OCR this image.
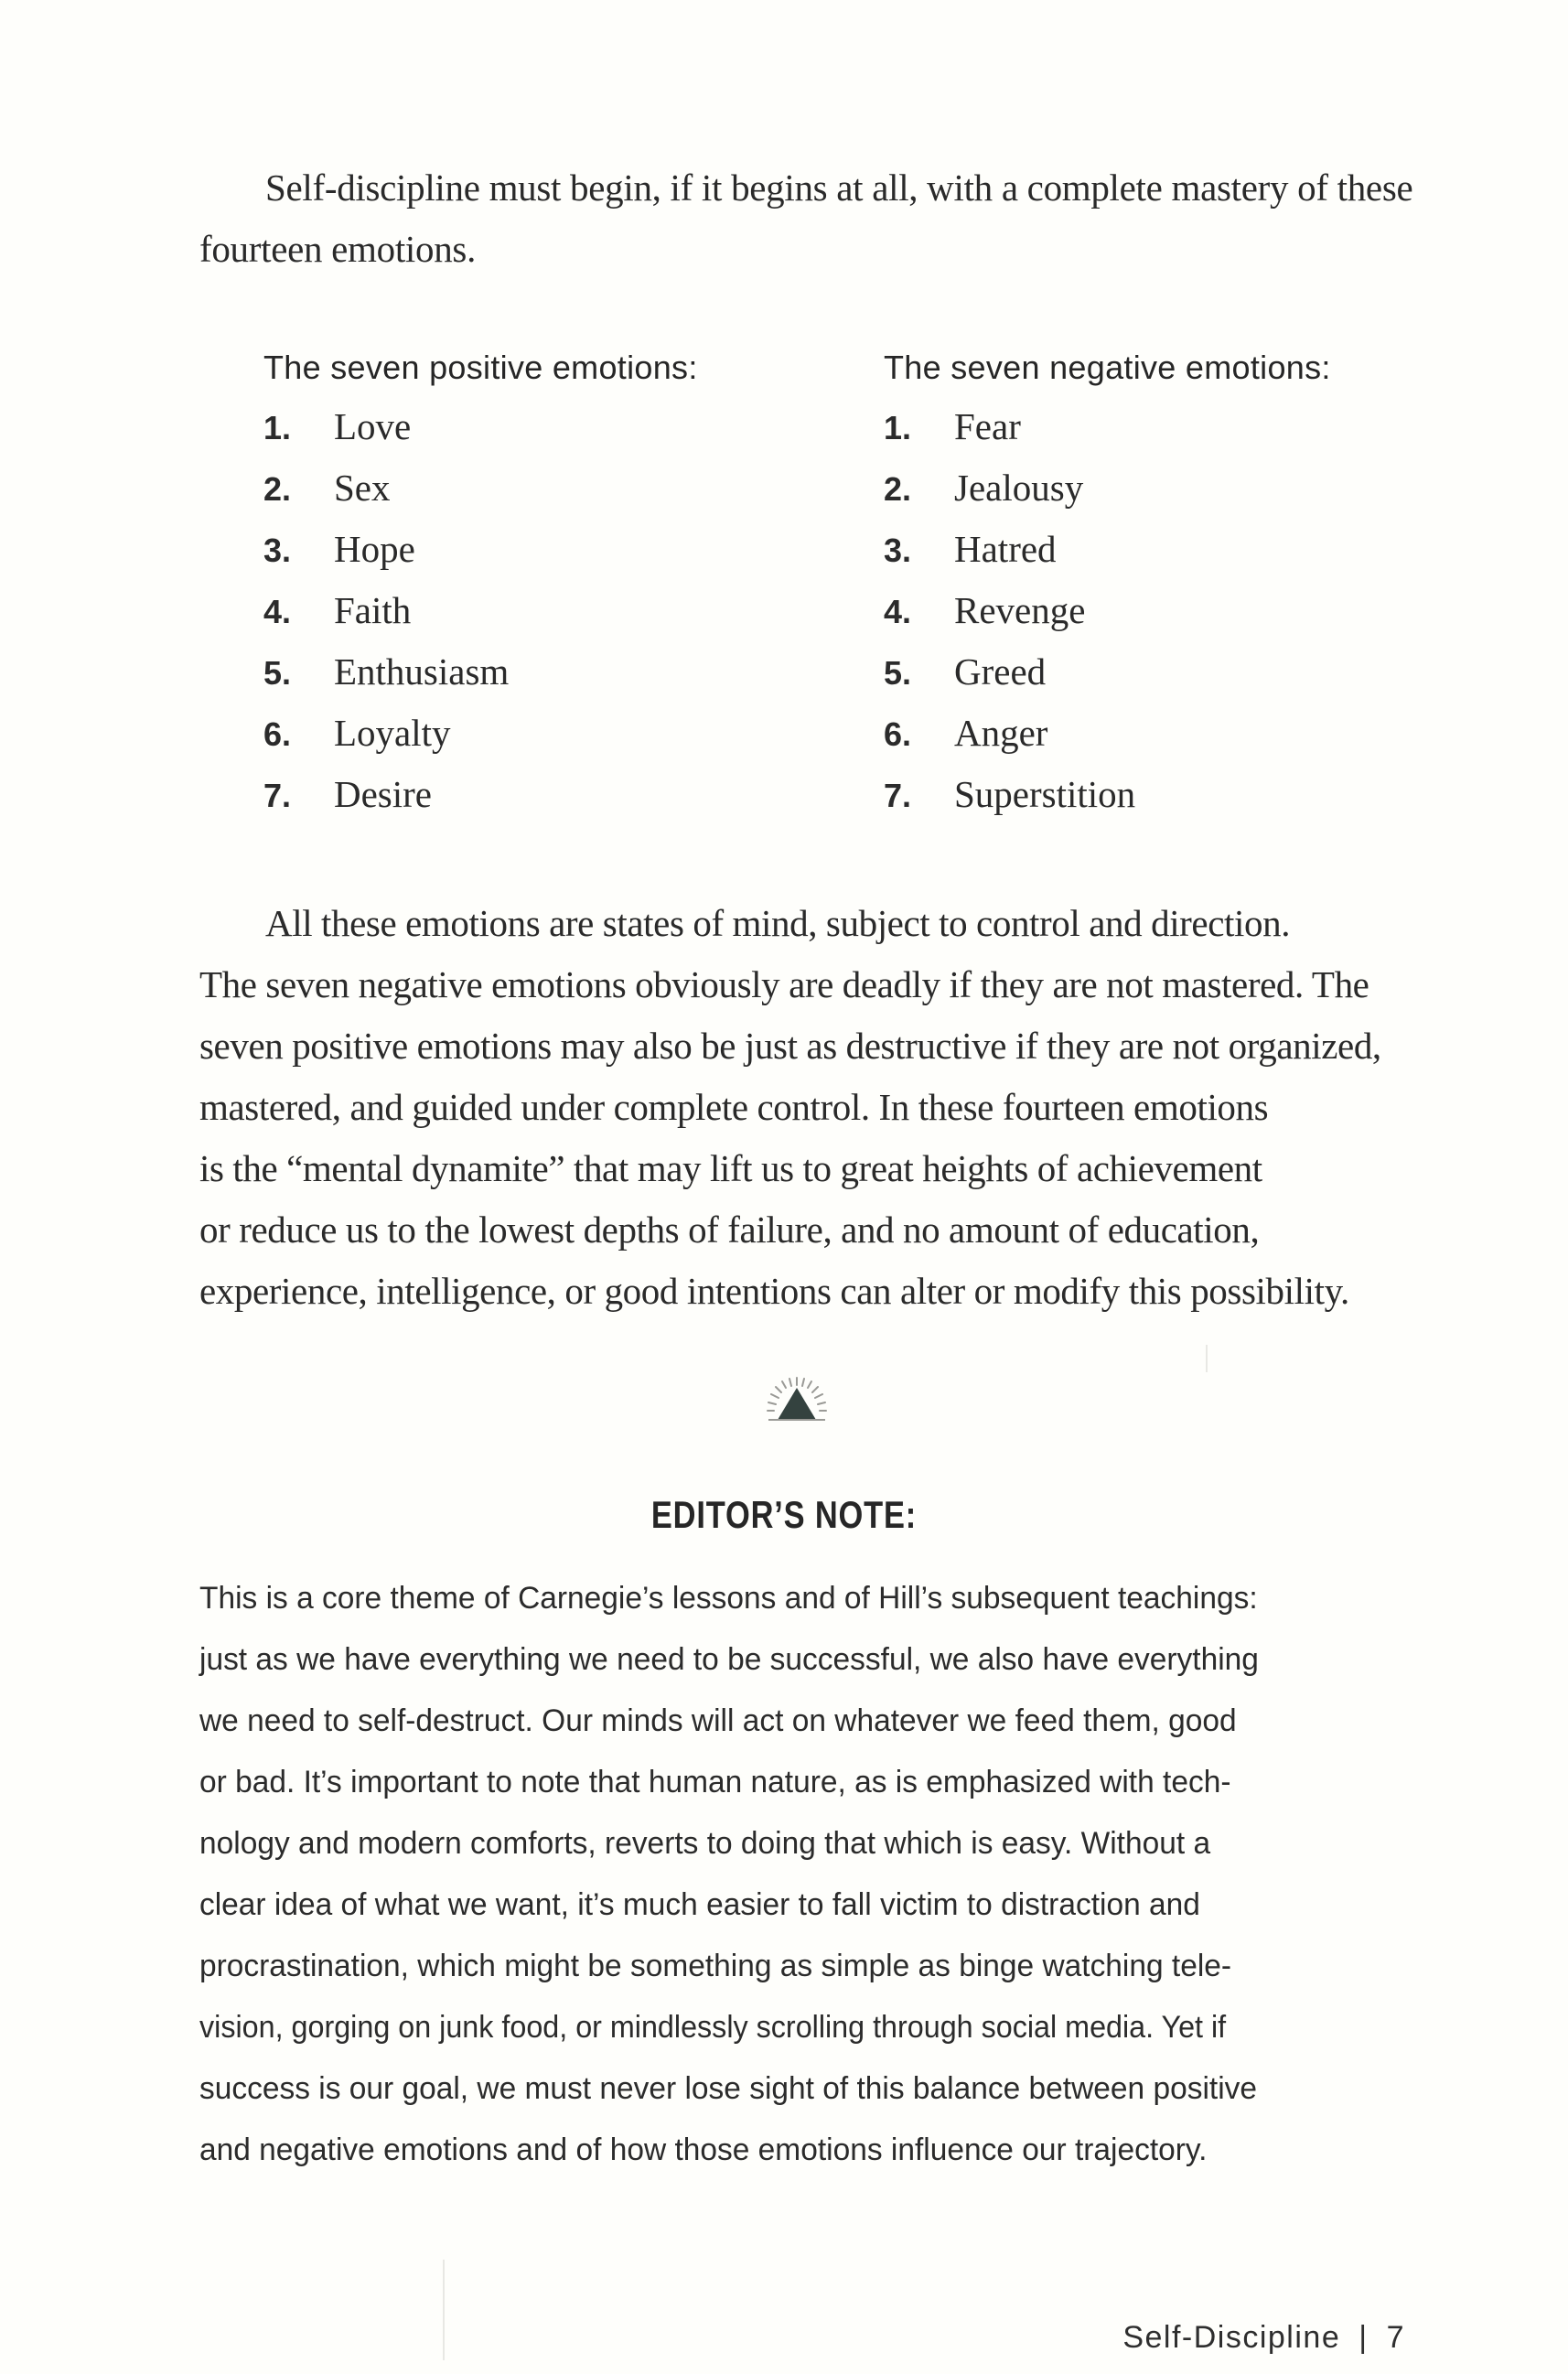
Self-discipline must begin, if it begins at all, with a complete mastery of these fourteen emotions.

The seven positive emotions:
1.	Love
2.	Sex
3.	Hope
4.	Faith
5.	Enthusiasm
6.	Loyalty
7.	Desire
The seven negative emotions:
1.	Fear
2.	Jealousy
3.	Hatred
4.	Revenge
5.	Greed
6.	Anger
7.	Superstition
All these emotions are states of mind, subject to control and direction.
The seven negative emotions obviously are deadly if they are not mastered. The
seven positive emotions may also be just as destructive if they are not organized,
mastered, and guided under complete control. In these fourteen emotions
is the “mental dynamite” that may lift us to great heights of achievement
or reduce us to the lowest depths of failure, and no amount of education,
experience, intelligence, or good intentions can alter or modify this possibility.
EDITOR’S NOTE:
This is a core theme of Carnegie’s lessons and of Hill’s subsequent teachings:
just as we have everything we need to be successful, we also have everything
we need to self-destruct. Our minds will act on whatever we feed them, good
or bad. It’s important to note that human nature, as is emphasized with tech-
nology and modern comforts, reverts to doing that which is easy. Without a
clear idea of what we want, it’s much easier to fall victim to distraction and
procrastination, which might be something as simple as binge watching tele-
vision, gorging on junk food, or mindlessly scrolling through social media. Yet if
success is our goal, we must never lose sight of this balance between positive
and negative emotions and of how those emotions influence our trajectory.
Self-Discipline | 7
